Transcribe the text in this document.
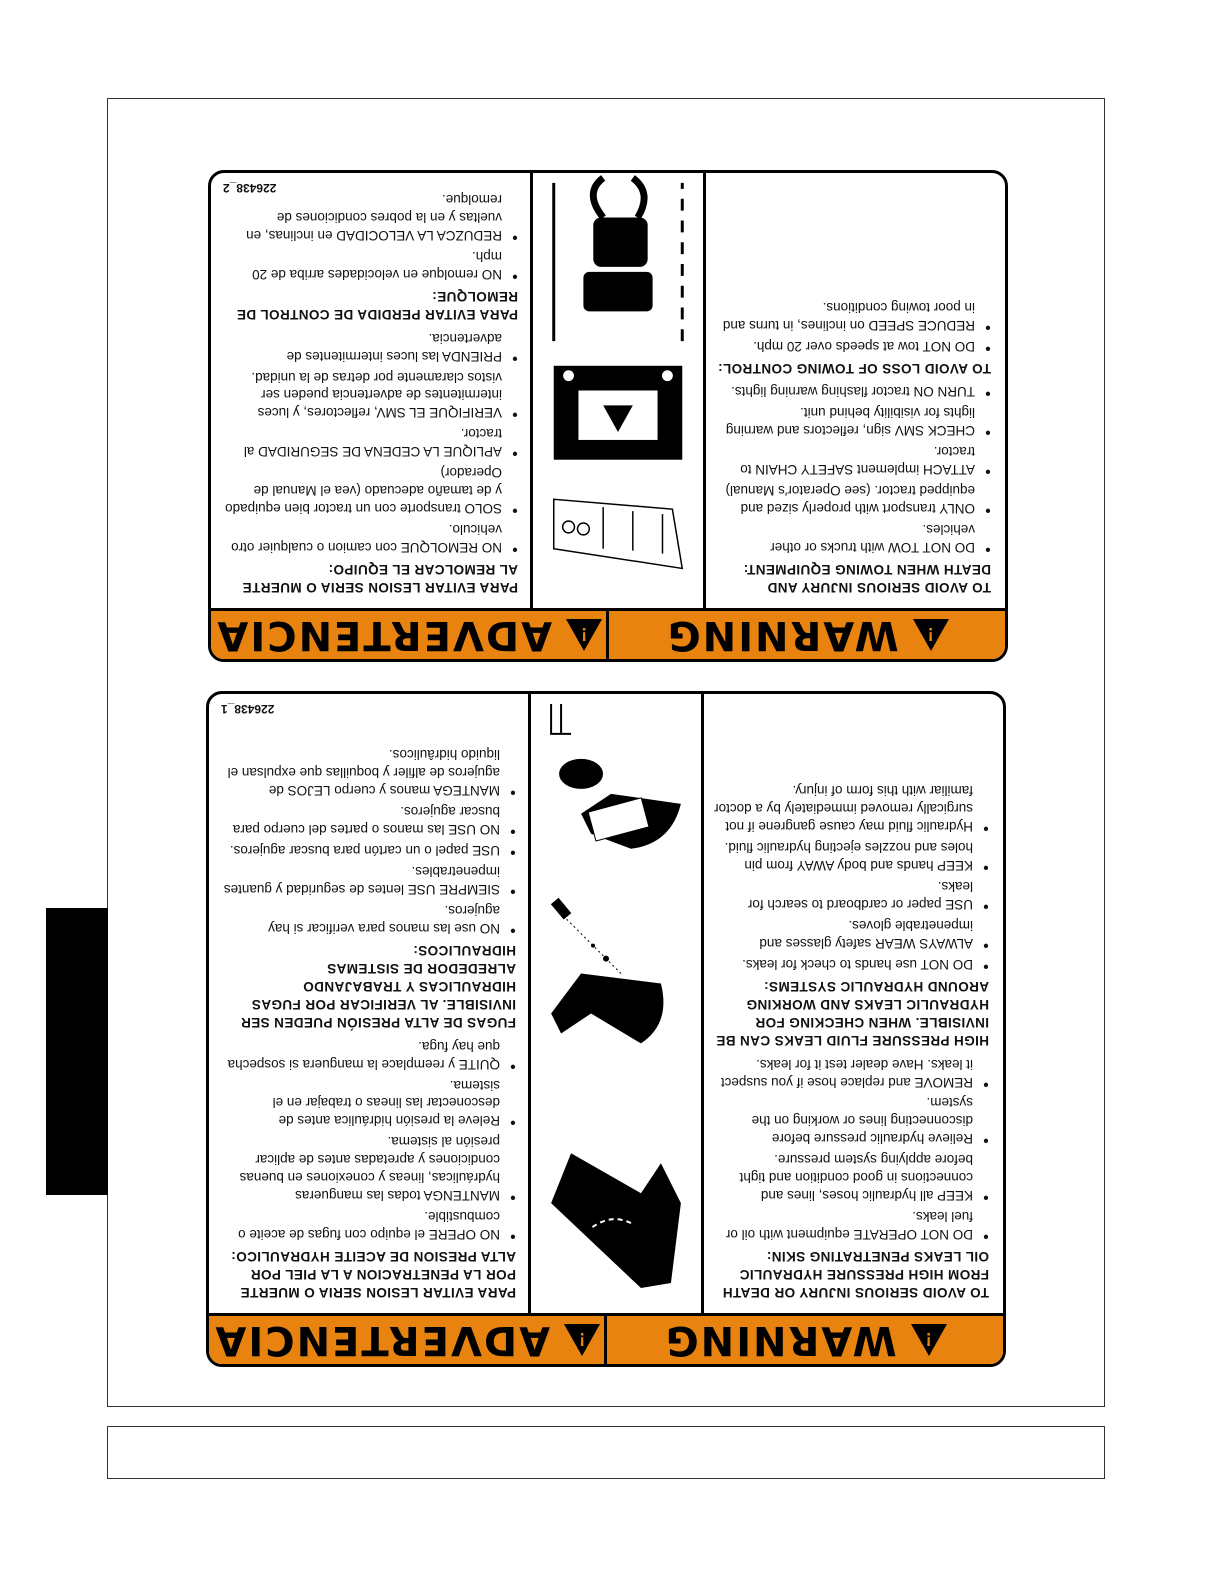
!
WARNING
!
ADVERTENCIA
TO AVOID SERIOUS INJURY AND DEATH WHEN TOWING EQUIPMENT:
● DO NOT TOW with trucks or other vehicles.
● ONLY transport with properly sized and equipped tractor. (see Operator's Manual)
● ATTACH implement SAFETY CHAIN to tractor.
● CHECK SMV sign, reflectors and warning lights for visibility behind unit.
● TURN ON tractor flashing warning lights.
TO AVOID LOSS OF TOWING CONTROL:
● DO NOT tow at speeds over 20 mph.
● REDUCE SPEED on inclines, in turns and in poor towing conditions.
PARA EVITAR LESION SERIA O MUERTE AL REMOLCAR EL EQUIPO:
● NO REMOLQUE con camion o cualquier otro vehiculo.
● SOLO transporte con un tractor bien equipado y de tamaño adecuado (vea el Manual de Operador)
● APLIQUE LA CEDENA DE SEGURIDAD al tractor.
● VERIFIQUE EL SMV, reflectores, y luces intermitentes de advertencia pueden ser vistos claramente por detras de la unidad.
● PRIENDA las luces intermitentes de advertencia.
PARA EVITAR PERDIDA DE CONTROL DE REMOLQUE:
● NO remolque en velocidades arriba de 20 mph.
● REDUZCA LA VELOCIDAD en inclinas, en vueltas y en la pobres condiciones de remolque.
226438_2
!
WARNING
!
ADVERTENCIA
TO AVOID SERIOUS INJURY OR DEATH FROM HIGH PRESSURE HYDRAULIC OIL LEAKS PENETRATING SKIN:
● DO NOT OPERATE equipment with oil or fuel leaks.
● KEEP all hydraulic hoses, lines and connections in good condition and tight before applying system pressure.
● Relieve hydraulic pressure before disconnecting lines or working on the system.
● REMOVE and replace hose if you suspect it leaks. Have dealer test it for leaks.
HIGH PRESSURE FLUID LEAKS CAN BE INVISIBLE. WHEN CHECKING FOR HYDRAULIC LEAKS AND WORKING AROUND HYDRAULIC SYSTEMS:
● DO NOT use hands to check for leaks.
● ALWAYS WEAR safety glasses and impenetrable gloves.
● USE paper or cardboard to search for leaks.
● KEEP hands and body AWAY from pin holes and nozzles ejecting hydraulic fluid.
● Hydraulic fluid may cause gangrene if not surgically removed immediately by a doctor familiar with this form of injury.
PARA EVITAR LESION SERIA O MUERTE POR LA PENETRACION A LA PIEL POR ALTA PRESION DE ACEITE HYDRAULICO:
● NO OPERE el equipo con fugas de aceite o combustible.
● MANTENGA todas las mangueras hydráulicas, lineas y conexiones en buenas condiciones y apretadas antes de aplicar presión al sistema.
● Releve la presión hidráulica antes de desconectar las lineas o trabajar en el sistema.
● QUITE y reemplace la manguera si sospecha que hay fuga.
FUGAS DE ALTA PRESIÓN PUEDEN SER INVISIBLE. AL VERIFICAR POR FUGAS HIDRAULICAS Y TRABAJANDO ALREDEDOR DE SISTEMAS HIDRAULICOS:
● NO use las manos para verificar si hay agujeros.
● SIEMPRE USE lentes de seguridad y guantes impenetrables.
● USE papel o un cartón para buscar agujeros.
● NO USE las manos o partes del cuerpo para buscar agujeros.
● MANTEGA manos y cuerpo LEJOS de agujeros de alfiler y boquillas que expulsan el liquido hidrâulicos.
226438_1
